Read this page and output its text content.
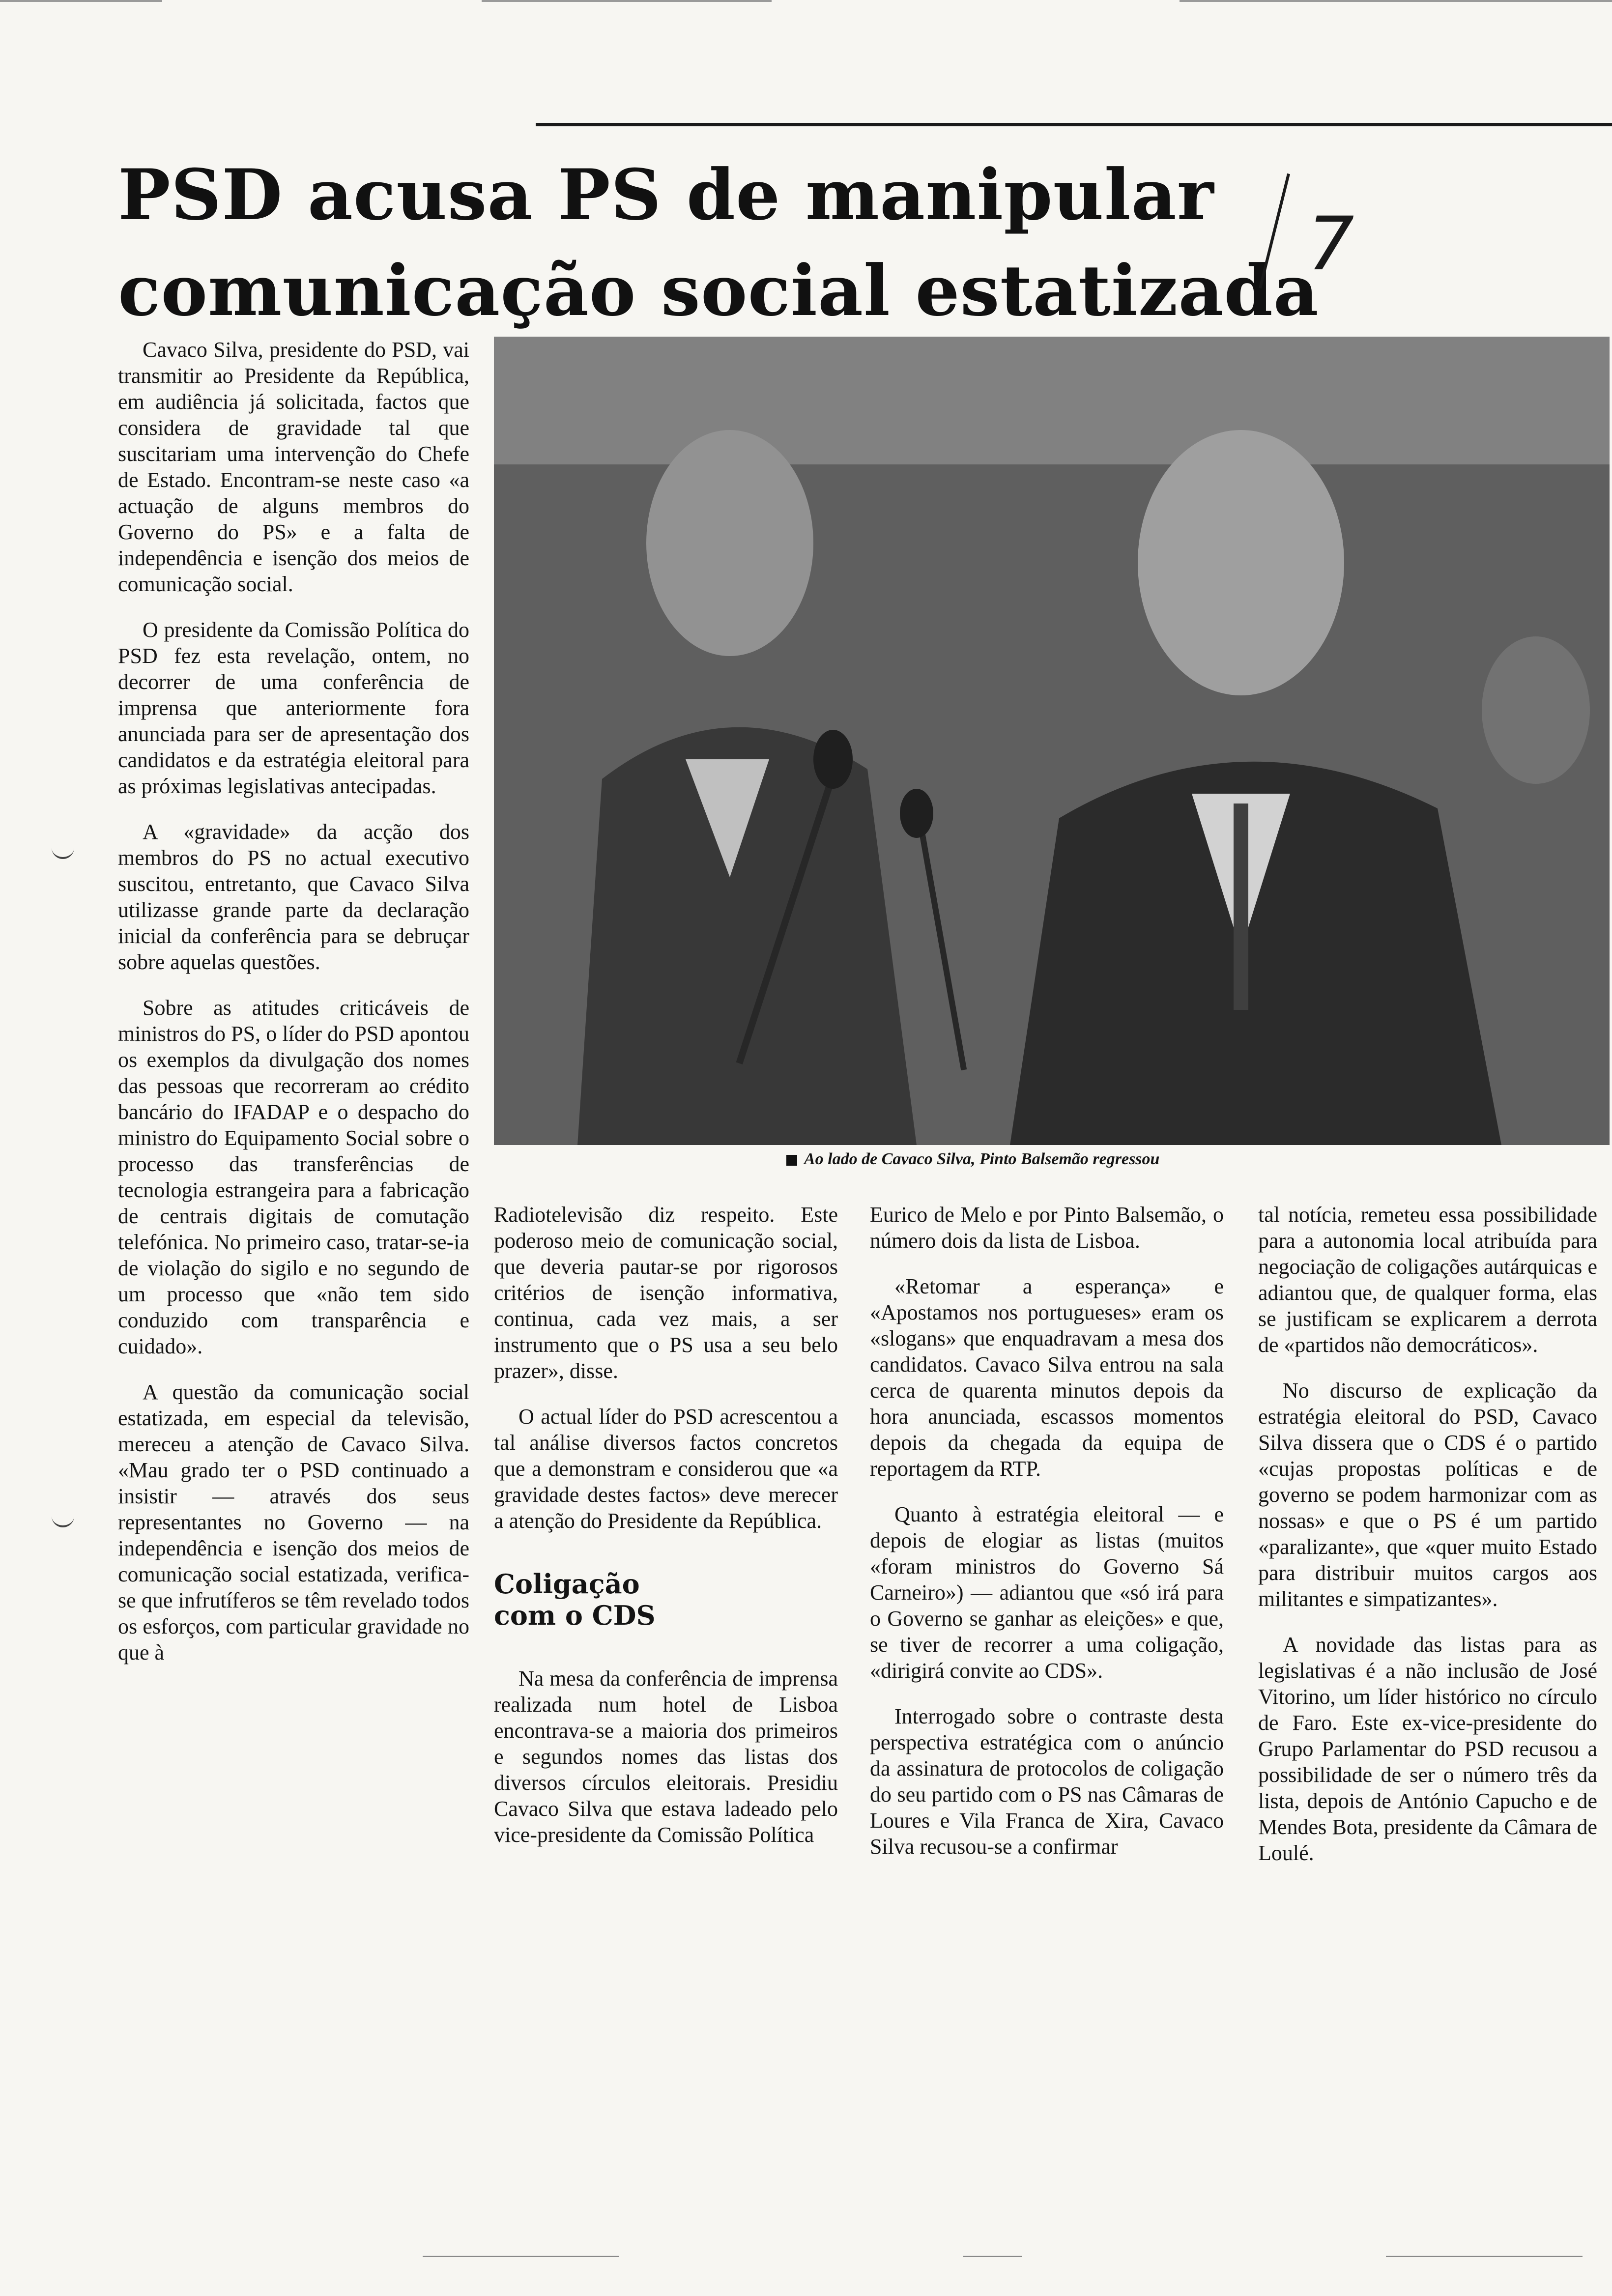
PSD acusa PS de manipular
comunicação social estatizada
7
Ao lado de Cavaco Silva, Pinto Balsemão regressou

Cavaco Silva, presidente do PSD, vai transmitir ao Presidente da República, em audiência já solicitada, factos que considera de gravidade tal que suscitariam uma intervenção do Chefe de Estado. Encontram-se neste caso «a actuação de alguns membros do Governo do PS» e a falta de independência e isenção dos meios de comunicação social.

O presidente da Comissão Política do PSD fez esta revelação, ontem, no decorrer de uma conferência de imprensa que anteriormente fora anunciada para ser de apresentação dos candidatos e da estratégia eleitoral para as próximas legislativas antecipadas.

A «gravidade» da acção dos membros do PS no actual executivo suscitou, entretanto, que Cavaco Silva utilizasse grande parte da declaração inicial da conferência para se debruçar sobre aquelas questões.

Sobre as atitudes criticáveis de ministros do PS, o líder do PSD apontou os exemplos da divulgação dos nomes das pessoas que recorreram ao crédito bancário do IFADAP e o despacho do ministro do Equipamento Social sobre o processo das transferências de tecnologia estrangeira para a fabricação de centrais digitais de comutação telefónica. No primeiro caso, tratar-se-ia de violação do sigilo e no segundo de um processo que «não tem sido conduzido com transparência e cuidado».

A questão da comunicação social estatizada, em especial da televisão, mereceu a atenção de Cavaco Silva. «Mau grado ter o PSD continuado a insistir — através dos seus representantes no Governo — na independência e isenção dos meios de comunicação social estatizada, verifica-se que infrutíferos se têm revelado todos os esforços, com particular gravidade no que à

Radiotelevisão diz respeito. Este poderoso meio de comunicação social, que deveria pautar-se por rigorosos critérios de isenção informativa, continua, cada vez mais, a ser instrumento que o PS usa a seu belo prazer», disse.

O actual líder do PSD acrescentou a tal análise diversos factos concretos que a demonstram e considerou que «a gravidade destes factos» deve merecer a atenção do Presidente da República.

Coligação
com o CDS

Na mesa da conferência de imprensa realizada num hotel de Lisboa encontrava-se a maioria dos primeiros e segundos nomes das listas dos diversos círculos eleitorais. Presidiu Cavaco Silva que estava ladeado pelo vice-presidente da Comissão Política

Eurico de Melo e por Pinto Balsemão, o número dois da lista de Lisboa.

«Retomar a esperança» e «Apostamos nos portugueses» eram os «slogans» que enquadravam a mesa dos candidatos. Cavaco Silva entrou na sala cerca de quarenta minutos depois da hora anunciada, escassos momentos depois da chegada da equipa de reportagem da RTP.

Quanto à estratégia eleitoral — e depois de elogiar as listas (muitos «foram ministros do Governo Sá Carneiro») — adiantou que «só irá para o Governo se ganhar as eleições» e que, se tiver de recorrer a uma coligação, «dirigirá convite ao CDS».

Interrogado sobre o contraste desta perspectiva estratégica com o anúncio da assinatura de protocolos de coligação do seu partido com o PS nas Câmaras de Loures e Vila Franca de Xira, Cavaco Silva recusou-se a confirmar

tal notícia, remeteu essa possibilidade para a autonomia local atribuída para negociação de coligações autárquicas e adiantou que, de qualquer forma, elas se justificam se explicarem a derrota de «partidos não democráticos».

No discurso de explicação da estratégia eleitoral do PSD, Cavaco Silva dissera que o CDS é o partido «cujas propostas políticas e de governo se podem harmonizar com as nossas» e que o PS é um partido «paralizante», que «quer muito Estado para distribuir muitos cargos aos militantes e simpatizantes».

A novidade das listas para as legislativas é a não inclusão de José Vitorino, um líder histórico no círculo de Faro. Este ex-vice-presidente do Grupo Parlamentar do PSD recusou a possibilidade de ser o número três da lista, depois de António Capucho e de Mendes Bota, presidente da Câmara de Loulé.
